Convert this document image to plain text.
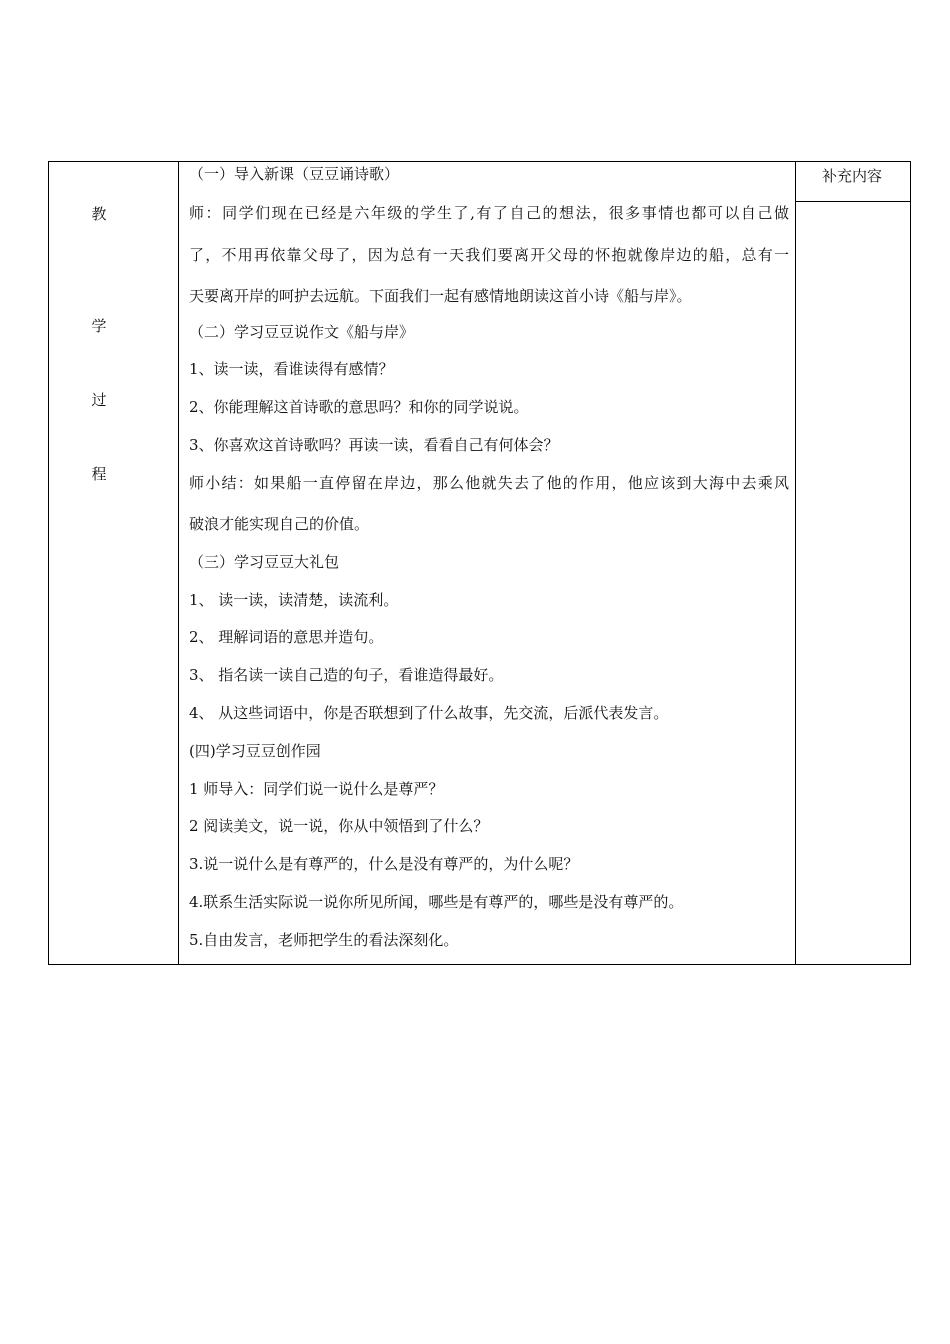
教
学
过
程
补充内容
（一）导入新课（豆豆诵诗歌）
师：同学们现在已经是六年级的学生了,有了自己的想法，很多事情也都可以自己做
了，不用再依靠父母了，因为总有一天我们要离开父母的怀抱就像岸边的船，总有一
天要离开岸的呵护去远航。下面我们一起有感情地朗读这首小诗《船与岸》。
（二）学习豆豆说作文《船与岸》
1、读一读，看谁读得有感情？
2、你能理解这首诗歌的意思吗？和你的同学说说。
3、你喜欢这首诗歌吗？再读一读，看看自己有何体会？
师小结：如果船一直停留在岸边，那么他就失去了他的作用，他应该到大海中去乘风
破浪才能实现自己的价值。
（三）学习豆豆大礼包
1、 读一读，读清楚，读流利。
2、 理解词语的意思并造句。
3、 指名读一读自己造的句子，看谁造得最好。
4、 从这些词语中，你是否联想到了什么故事，先交流，后派代表发言。
(四)学习豆豆创作园
1 师导入：同学们说一说什么是尊严？
2 阅读美文，说一说，你从中领悟到了什么？
3.说一说什么是有尊严的，什么是没有尊严的，为什么呢？
4.联系生活实际说一说你所见所闻，哪些是有尊严的，哪些是没有尊严的。
5.自由发言，老师把学生的看法深刻化。
